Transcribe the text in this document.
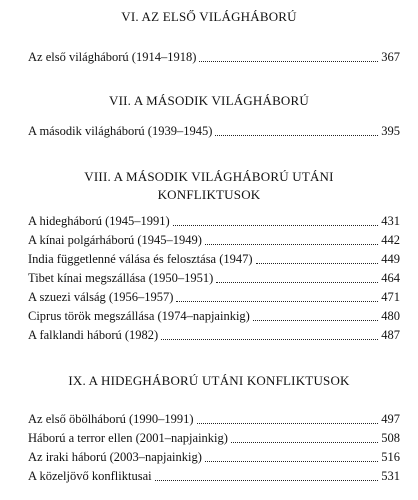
VI. AZ ELSŐ VILÁGHÁBORÚ
Az első világháború (1914–1918)	367
VII. A MÁSODIK VILÁGHÁBORÚ
A második világháború (1939–1945)	395
VIII. A MÁSODIK VILÁGHÁBORÚ UTÁNI
KONFLIKTUSOK
A hidegháború (1945–1991)	431
A kínai polgárháború (1945–1949)	442
India függetlenné válása és felosztása (1947)	449
Tibet kínai megszállása (1950–1951)	464
A szuezi válság (1956–1957)	471
Ciprus török megszállása (1974–napjainkig)	480
A falklandi háború (1982)	487
IX. A HIDEGHÁBORÚ UTÁNI KONFLIKTUSOK
Az első öbölháború (1990–1991)	497
Háború a terror ellen (2001–napjainkig)	508
Az iraki háború (2003–napjainkig)	516
A közeljövő konfliktusai	531
